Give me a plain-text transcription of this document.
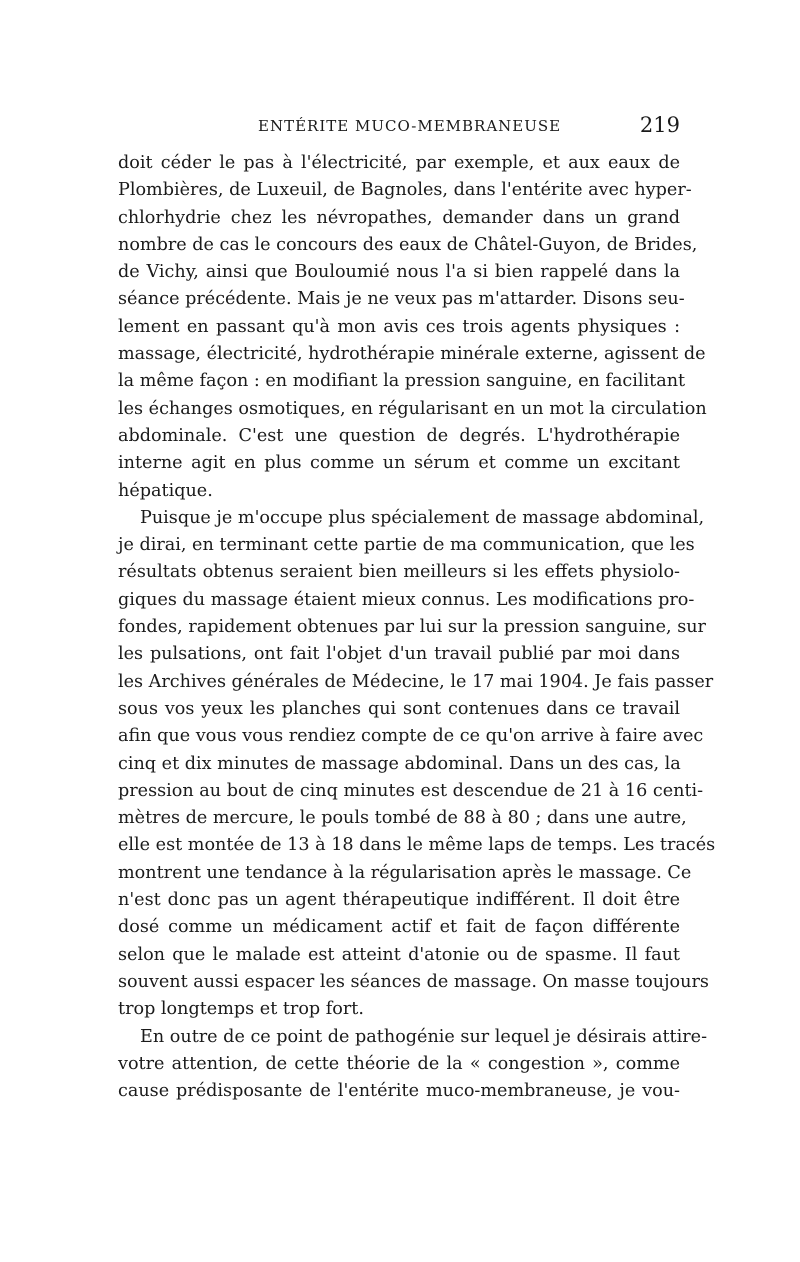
ENTÉRITE MUCO-MEMBRANEUSE	219
doit céder le pas à l'électricité, par exemple, et aux eaux de
Plombières, de Luxeuil, de Bagnoles, dans l'entérite avec hyper-
chlorhydrie chez les névropathes, demander dans un grand
nombre de cas le concours des eaux de Châtel-Guyon, de Brides,
de Vichy, ainsi que Bouloumié nous l'a si bien rappelé dans la
séance précédente. Mais je ne veux pas m'attarder. Disons seu-
lement en passant qu'à mon avis ces trois agents physiques :
massage, électricité, hydrothérapie minérale externe, agissent de
la même façon : en modifiant la pression sanguine, en facilitant
les échanges osmotiques, en régularisant en un mot la circulation
abdominale. C'est une question de degrés. L'hydrothérapie
interne agit en plus comme un sérum et comme un excitant
hépatique.
Puisque je m'occupe plus spécialement de massage abdominal,
je dirai, en terminant cette partie de ma communication, que les
résultats obtenus seraient bien meilleurs si les effets physiolo-
giques du massage étaient mieux connus. Les modifications pro-
fondes, rapidement obtenues par lui sur la pression sanguine, sur
les pulsations, ont fait l'objet d'un travail publié par moi dans
les Archives générales de Médecine, le 17 mai 1904. Je fais passer
sous vos yeux les planches qui sont contenues dans ce travail
afin que vous vous rendiez compte de ce qu'on arrive à faire avec
cinq et dix minutes de massage abdominal. Dans un des cas, la
pression au bout de cinq minutes est descendue de 21 à 16 centi-
mètres de mercure, le pouls tombé de 88 à 80 ; dans une autre,
elle est montée de 13 à 18 dans le même laps de temps. Les tracés
montrent une tendance à la régularisation après le massage. Ce
n'est donc pas un agent thérapeutique indifférent. Il doit être
dosé comme un médicament actif et fait de façon différente
selon que le malade est atteint d'atonie ou de spasme. Il faut
souvent aussi espacer les séances de massage. On masse toujours
trop longtemps et trop fort.
En outre de ce point de pathogénie sur lequel je désirais attire-
votre attention, de cette théorie de la « congestion », comme
cause prédisposante de l'entérite muco-membraneuse, je vou-
